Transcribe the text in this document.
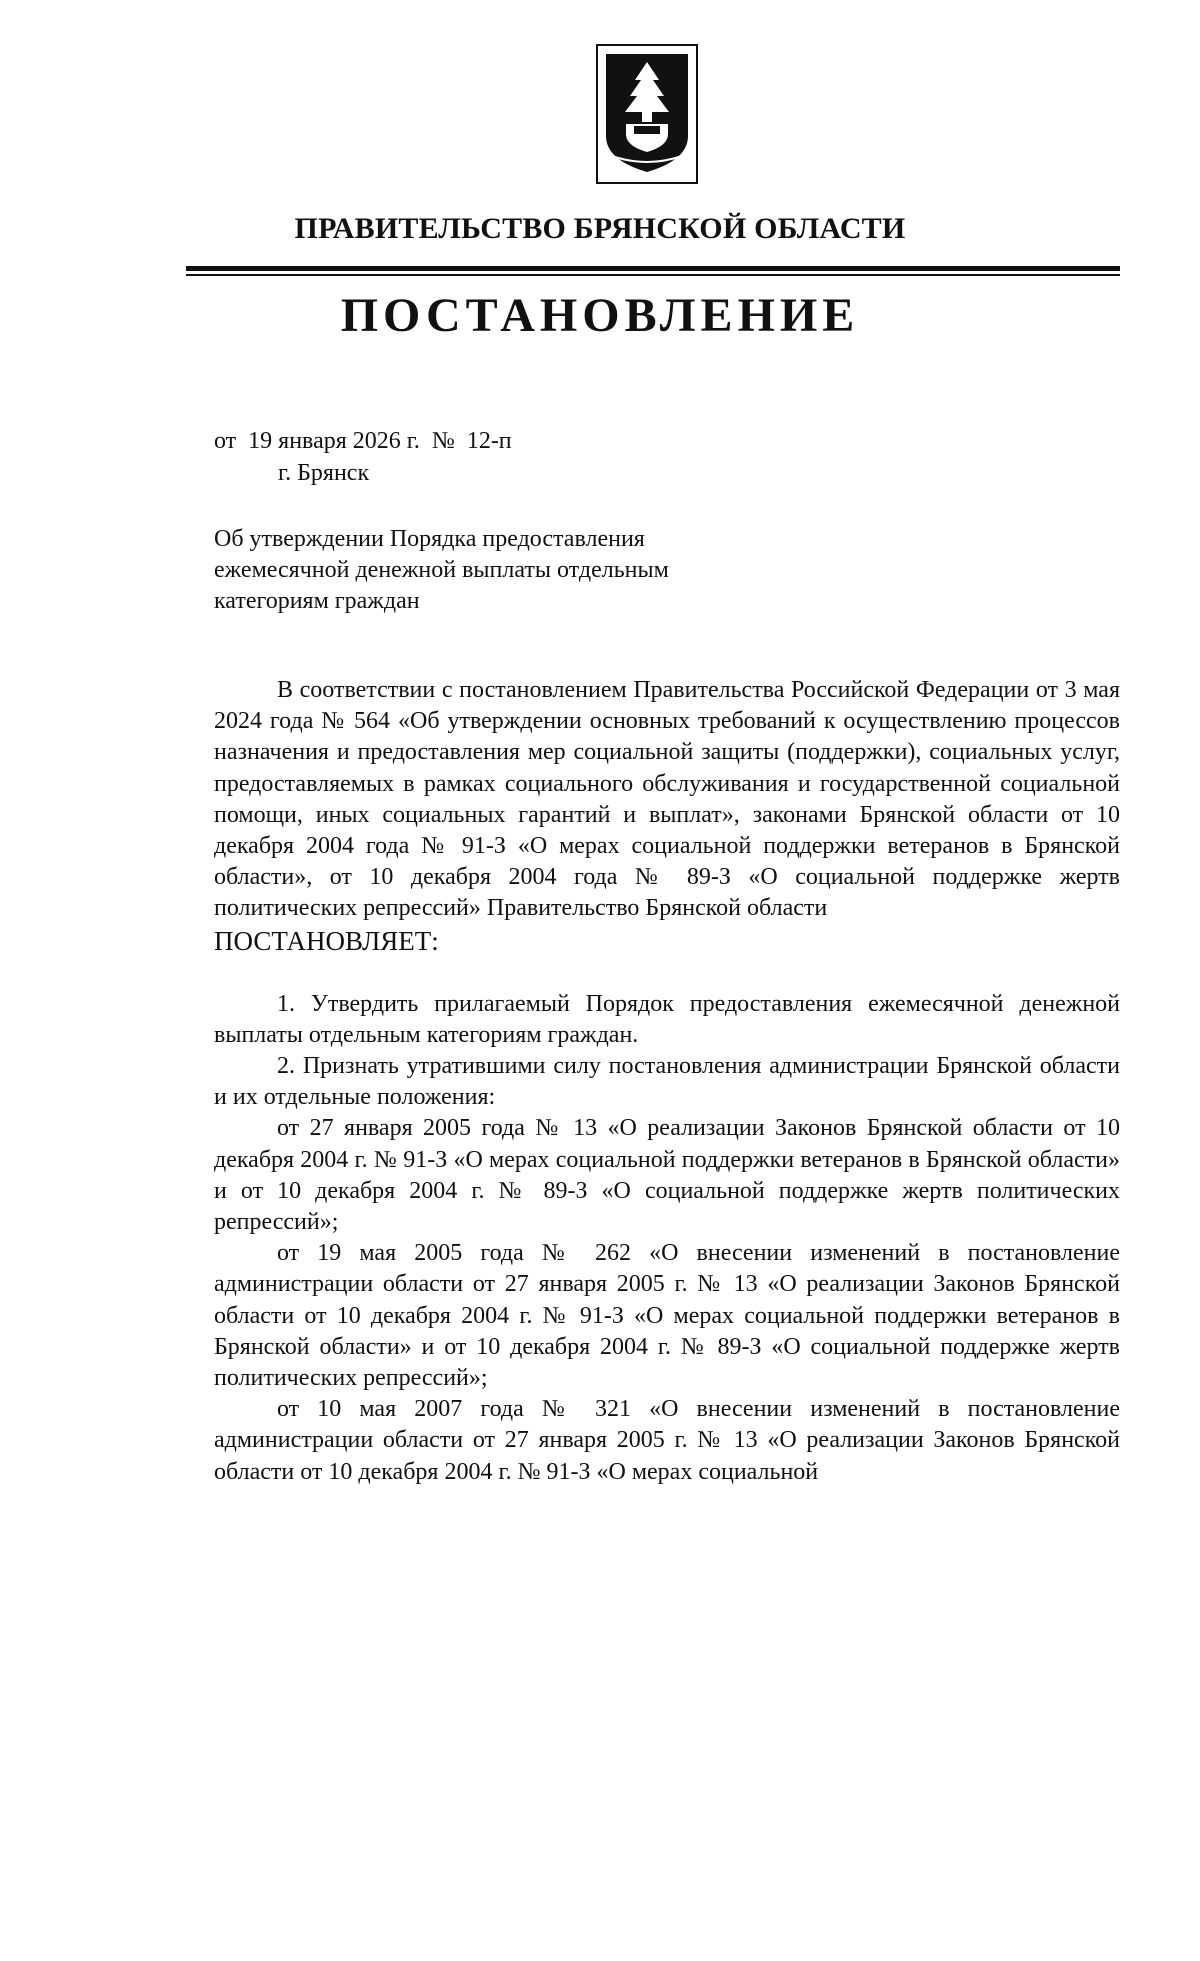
ПРАВИТЕЛЬСТВО БРЯНСКОЙ ОБЛАСТИ
ПОСТАНОВЛЕНИЕ
от 19 января 2026 г. № 12-п
г. Брянск
Об утверждении Порядка предоставления
ежемесячной денежной выплаты отдельным
категориям граждан

В соответствии с постановлением Правительства Российской Федерации от 3 мая 2024 года № 564 «Об утверждении основных требований к осуществлению процессов назначения и предоставления мер социальной защиты (поддержки), социальных услуг, предоставляемых в рамках социального обслуживания и государственной социальной помощи, иных социальных гарантий и выплат», законами Брянской области от 10 декабря 2004 года № 91-З «О мерах социальной поддержки ветеранов в Брянской области», от 10 декабря 2004 года № 89-З «О социальной поддержке жертв политических репрессий» Правительство Брянской области

ПОСТАНОВЛЯЕТ:

1. Утвердить прилагаемый Порядок предоставления ежемесячной денежной выплаты отдельным категориям граждан.

2. Признать утратившими силу постановления администрации Брянской области и их отдельные положения:

от 27 января 2005 года № 13 «О реализации Законов Брянской области от 10 декабря 2004 г. № 91-З «О мерах социальной поддержки ветеранов в Брянской области» и от 10 декабря 2004 г. № 89-З «О социальной поддержке жертв политических репрессий»;

от 19 мая 2005 года № 262 «О внесении изменений в постановление администрации области от 27 января 2005 г. № 13 «О реализации Законов Брянской области от 10 декабря 2004 г. № 91-З «О мерах социальной поддержки ветеранов в Брянской области» и от 10 декабря 2004 г. № 89-З «О социальной поддержке жертв политических репрессий»;

от 10 мая 2007 года № 321 «О внесении изменений в постановление администрации области от 27 января 2005 г. № 13 «О реализации Законов Брянской области от 10 декабря 2004 г. № 91-З «О мерах социальной
